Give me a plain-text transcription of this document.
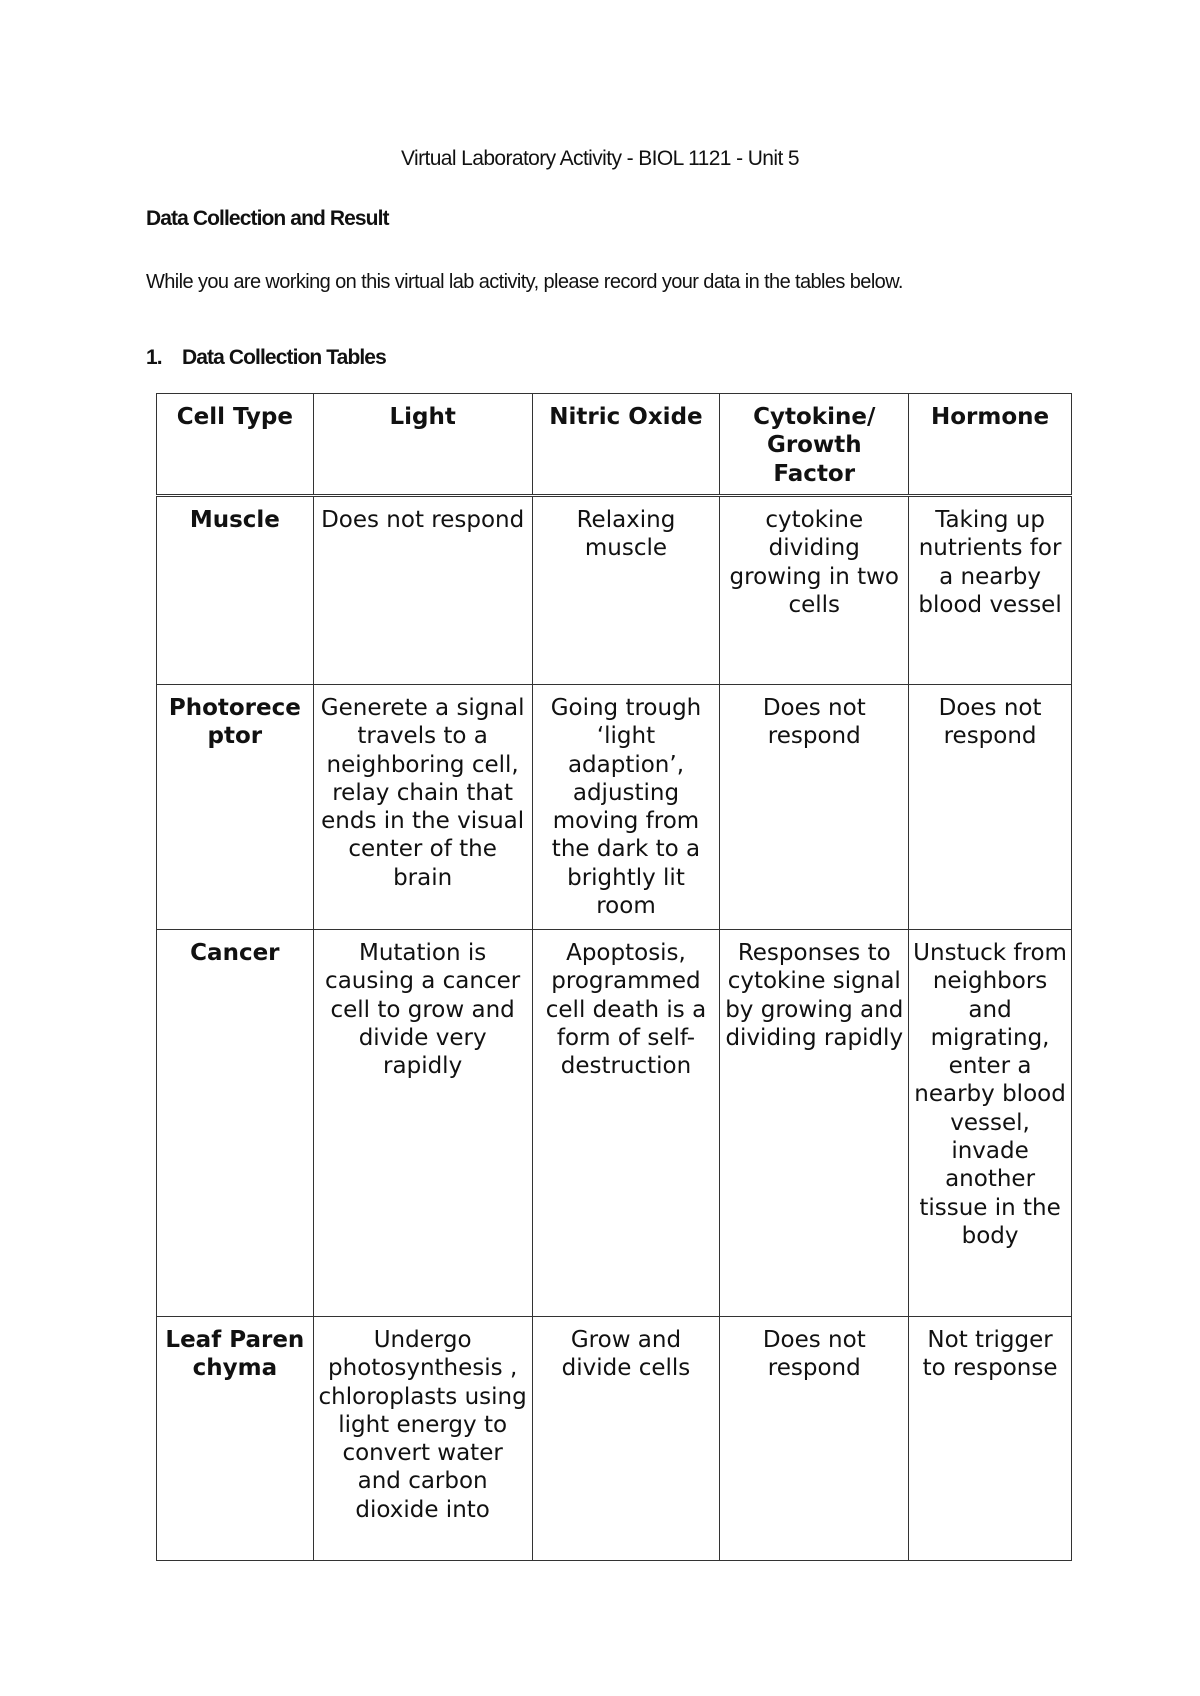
Virtual Laboratory Activity - BIOL 1121 - Unit 5
Data Collection and Result
While you are working on this virtual lab activity, please record your data in the tables below.
1. Data Collection Tables
Cell Type	Light	Nitric Oxide	Cytokine/ Growth Factor	Hormone
Muscle	Does not respond	Relaxing muscle	cytokine dividing growing in two cells	Taking up nutrients for a nearby blood vessel
Photoreceptor	Generete a signal travels to a neighboring cell, relay chain that ends in the visual center of the brain	Going trough ‘light adaption’, adjusting moving from the dark to a brightly lit room	Does not respond	Does not respond
Cancer	Mutation is causing a cancer cell to grow and divide very rapidly	Apoptosis, programmed cell death is a form of self-destruction	Responses to cytokine signal by growing and dividing rapidly	Unstuck from neighbors and migrating, enter a nearby blood vessel, invade another tissue in the body
Leaf Parenchyma	Undergo photosynthesis , chloroplasts using light energy to convert water and carbon dioxide into	Grow and divide cells	Does not respond	Not trigger to response
